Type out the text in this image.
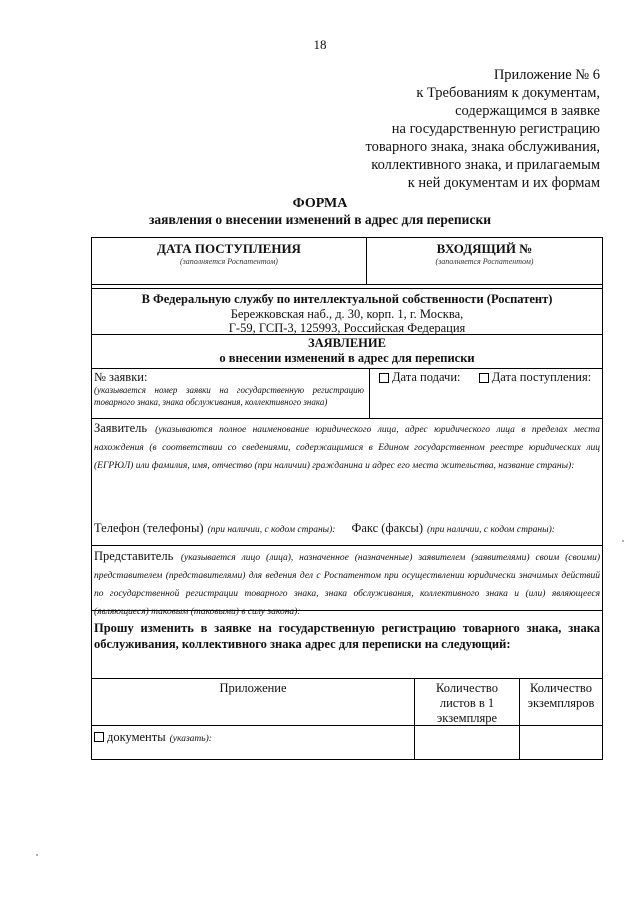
18
Приложение № 6
к Требованиям к документам,
содержащимся в заявке
на государственную регистрацию
товарного знака, знака обслуживания,
коллективного знака, и прилагаемым
к ней документам и их формам
ФОРМА
заявления о внесении изменений в адрес для переписки
ДАТА ПОСТУПЛЕНИЯ
(заполняется Роспатентом)
ВХОДЯЩИЙ №
(заполняется Роспатентом)
В Федеральную службу по интеллектуальной собственности (Роспатент)
Бережковская наб., д. 30, корп. 1, г. Москва,
Г-59, ГСП-3, 125993, Российская Федерация
ЗАЯВЛЕНИЕ
о внесении изменений в адрес для переписки
№ заявки:
(указывается номер заявки на государственную регистрацию товарного знака, знака обслуживания, коллективного знака)
Дата подачи:	Дата поступления:
Заявитель (указываются полное наименование юридического лица, адрес юридического лица в пределах места нахождения (в соответствии со сведениями, содержащимися в Едином государственном реестре юридических лиц (ЕГРЮЛ) или фамилия, имя, отчество (при наличии) гражданина и адрес его места жительства, название страны):
Телефон (телефоны) (при наличии, с кодом страны): Факс (факсы) (при наличии, с кодом страны):
Представитель (указывается лицо (лица), назначенное (назначенные) заявителем (заявителями) своим (своими) представителем (представителями) для ведения дел с Роспатентом при осуществлении юридически значимых действий по государственной регистрации товарного знака, знака обслуживания, коллективного знака и (или) являющееся (являющиеся) таковым (таковыми) в силу закона):
Прошу изменить в заявке на государственную регистрацию товарного знака, знака обслуживания, коллективного знака адрес для переписки на следующий:
Приложение	Количество листов в 1 экземпляре
Количество экземпляров
документы (указать):
